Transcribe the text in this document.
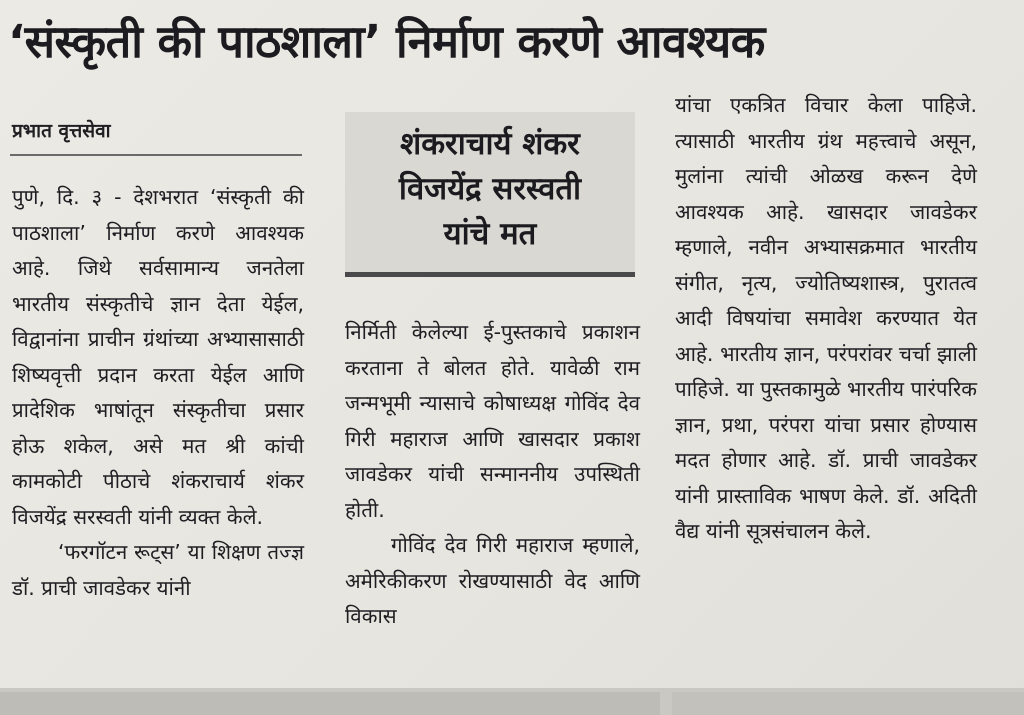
‘संस्कृती की पाठशाला’ निर्माण करणे आवश्यक
प्रभात वृत्तसेवा

पुणे, दि. ३ - देशभरात ‘संस्कृती की पाठशाला’ निर्माण करणे आवश्यक आहे. जिथे सर्वसामान्य जनतेला भारतीय संस्कृतीचे ज्ञान देता येईल, विद्वानांना प्राचीन ग्रंथांच्या अभ्यासासाठी शिष्यवृत्ती प्रदान करता येईल आणि प्रादेशिक भाषांतून संस्कृतीचा प्रसार होऊ शकेल, असे मत श्री कांची कामकोटी पीठाचे शंकराचार्य शंकर विजयेंद्र सरस्वती यांनी व्यक्त केले.

‘फरगॉटन रूट्स’ या शिक्षण तज्ज्ञ डॉ. प्राची जावडेकर यांनी

शंकराचार्य शंकर
विजयेंद्र सरस्वती
यांचे मत

निर्मिती केलेल्या ई-पुस्तकाचे प्रकाशन करताना ते बोलत होते. यावेळी राम जन्मभूमी न्यासाचे कोषाध्यक्ष गोविंद देव गिरी महाराज आणि खासदार प्रकाश जावडेकर यांची सन्माननीय उपस्थिती होती.

गोविंद देव गिरी महाराज म्हणाले, अमेरिकीकरण रोखण्यासाठी वेद आणि विकास

यांचा एकत्रित विचार केला पाहिजे. त्यासाठी भारतीय ग्रंथ महत्त्वाचे असून, मुलांना त्यांची ओळख करून देणे आवश्यक आहे. खासदार जावडेकर म्हणाले, नवीन अभ्यासक्रमात भारतीय संगीत, नृत्य, ज्योतिष्यशास्त्र, पुरातत्व आदी विषयांचा समावेश करण्यात येत आहे. भारतीय ज्ञान, परंपरांवर चर्चा झाली पाहिजे. या पुस्तकामुळे भारतीय पारंपरिक ज्ञान, प्रथा, परंपरा यांचा प्रसार होण्यास मदत होणार आहे. डॉ. प्राची जावडेकर यांनी प्रास्ताविक भाषण केले. डॉ. अदिती वैद्य यांनी सूत्रसंचालन केले.
